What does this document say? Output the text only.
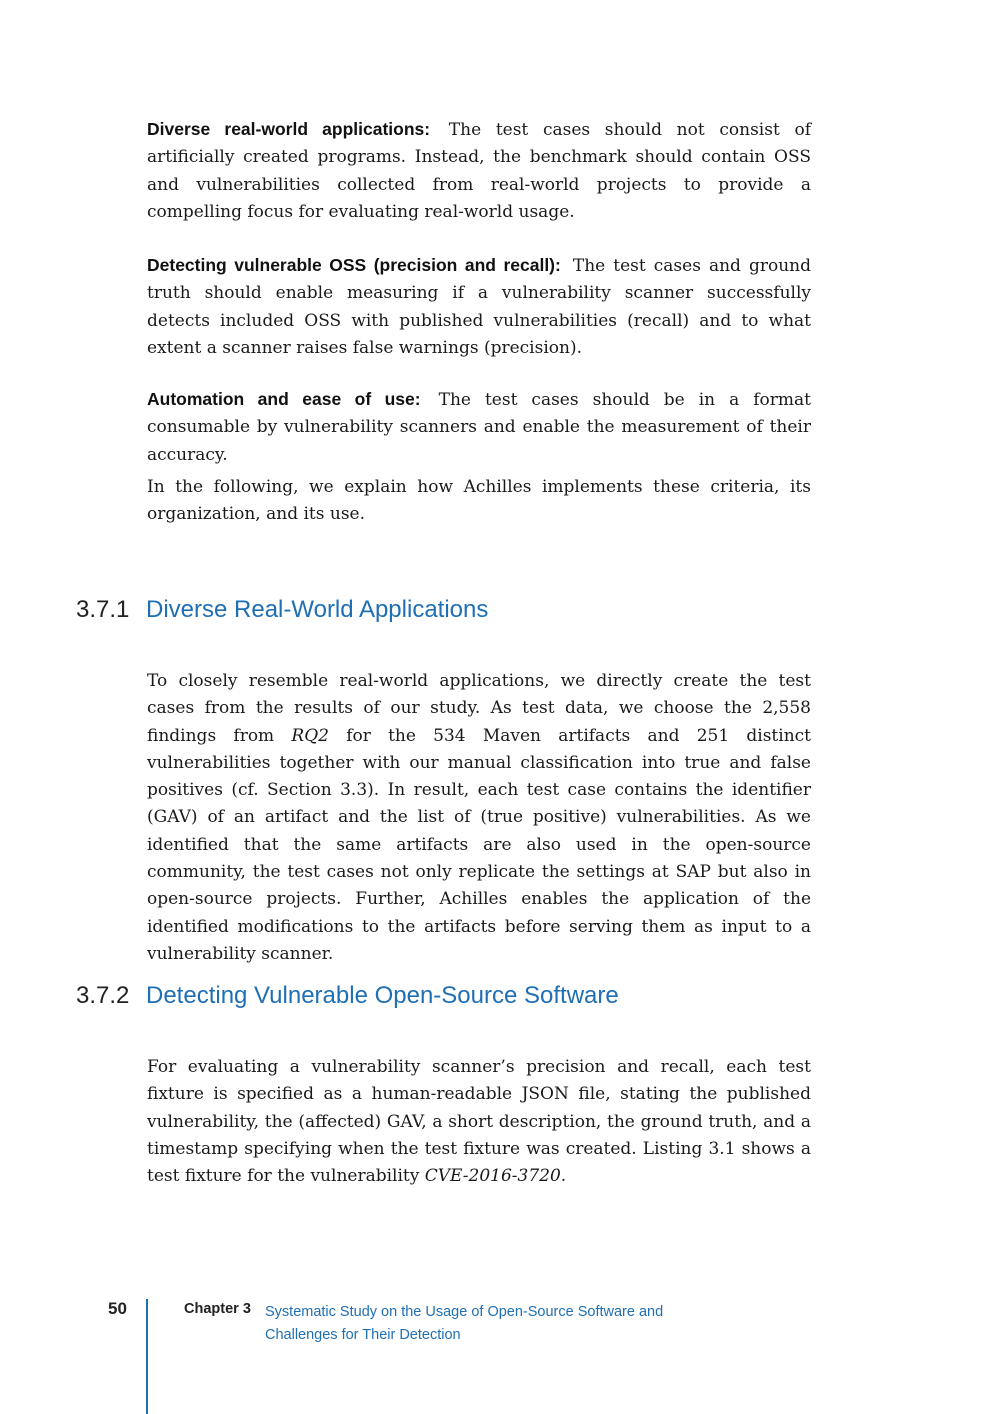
Diverse real-world applications: The test cases should not consist of artificially created programs. Instead, the benchmark should contain OSS and vulnerabilities collected from real-world projects to provide a compelling focus for evaluating real-world usage.

Detecting vulnerable OSS (precision and recall): The test cases and ground truth should enable measuring if a vulnerability scanner successfully detects included OSS with published vulnerabilities (recall) and to what extent a scanner raises false warnings (precision).

Automation and ease of use: The test cases should be in a format consumable by vulnerability scanners and enable the measurement of their accuracy.

In the following, we explain how Achilles implements these criteria, its organization, and its use.

3.7.1 Diverse Real-World Applications

To closely resemble real-world applications, we directly create the test cases from the results of our study. As test data, we choose the 2,558 findings from RQ2 for the 534 Maven artifacts and 251 distinct vulnerabilities together with our manual classification into true and false positives (cf. Section 3.3). In result, each test case contains the identifier (GAV) of an artifact and the list of (true positive) vulnerabilities. As we identified that the same artifacts are also used in the open-source community, the test cases not only replicate the settings at SAP but also in open-source projects. Further, Achilles enables the application of the identified modifications to the artifacts before serving them as input to a vulnerability scanner.

3.7.2 Detecting Vulnerable Open-Source Software

For evaluating a vulnerability scanner’s precision and recall, each test fixture is specified as a human-readable JSON file, stating the published vulnerability, the (affected) GAV, a short description, the ground truth, and a timestamp specifying when the test fixture was created. Listing 3.1 shows a test fixture for the vulnerability CVE-2016-3720.

50	Chapter 3 Systematic Study on the Usage of Open-Source Software and Challenges for Their Detection
